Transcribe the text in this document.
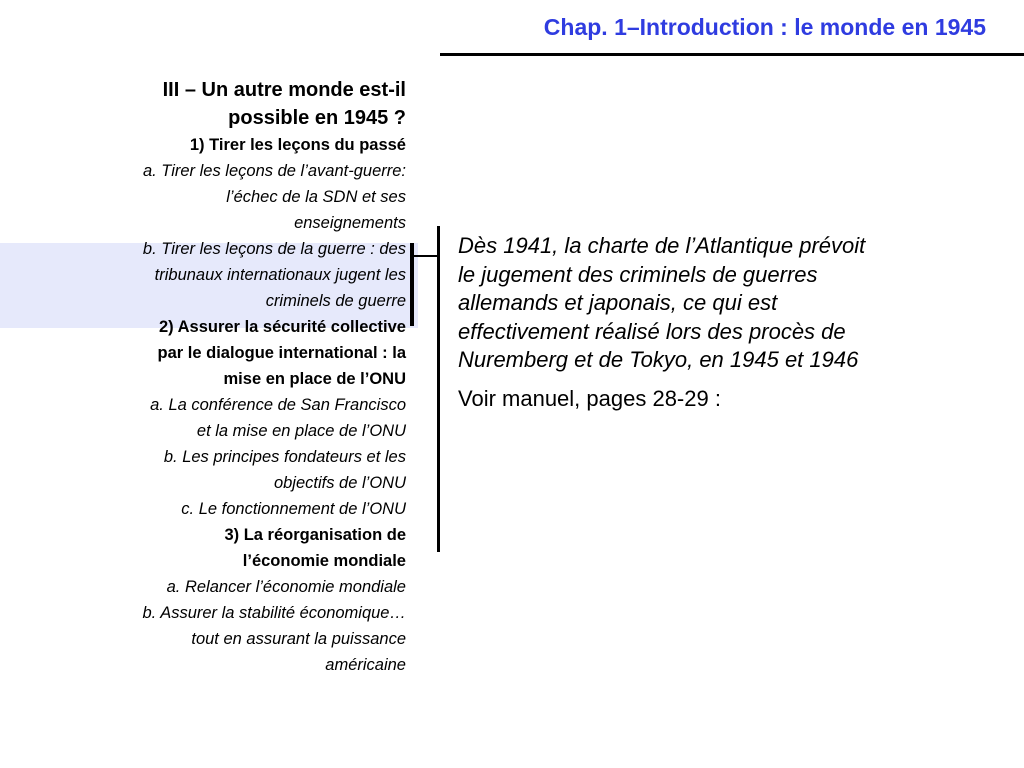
Chap. 1–Introduction : le monde en 1945
III – Un autre monde est-il
possible en 1945 ?
1) Tirer les leçons du passé
a. Tirer les leçons de l’avant-guerre:
l’échec de la SDN et ses
enseignements
b. Tirer les leçons de la guerre : des
tribunaux internationaux jugent les
criminels de guerre
2) Assurer la sécurité collective
par le dialogue international : la
mise en place de l’ONU
a. La conférence de San Francisco
et la mise en place de l’ONU
b. Les principes fondateurs et les
objectifs de l’ONU
c. Le fonctionnement de l’ONU
3) La réorganisation de
l’économie mondiale
a. Relancer l’économie mondiale
b. Assurer la stabilité économique…
tout en assurant la puissance
américaine
Dès 1941, la charte de l’Atlantique prévoit
le jugement des criminels de guerres
allemands et japonais, ce qui est
effectivement réalisé lors des procès de
Nuremberg et de Tokyo, en 1945 et 1946
Voir manuel, pages 28-29 :
